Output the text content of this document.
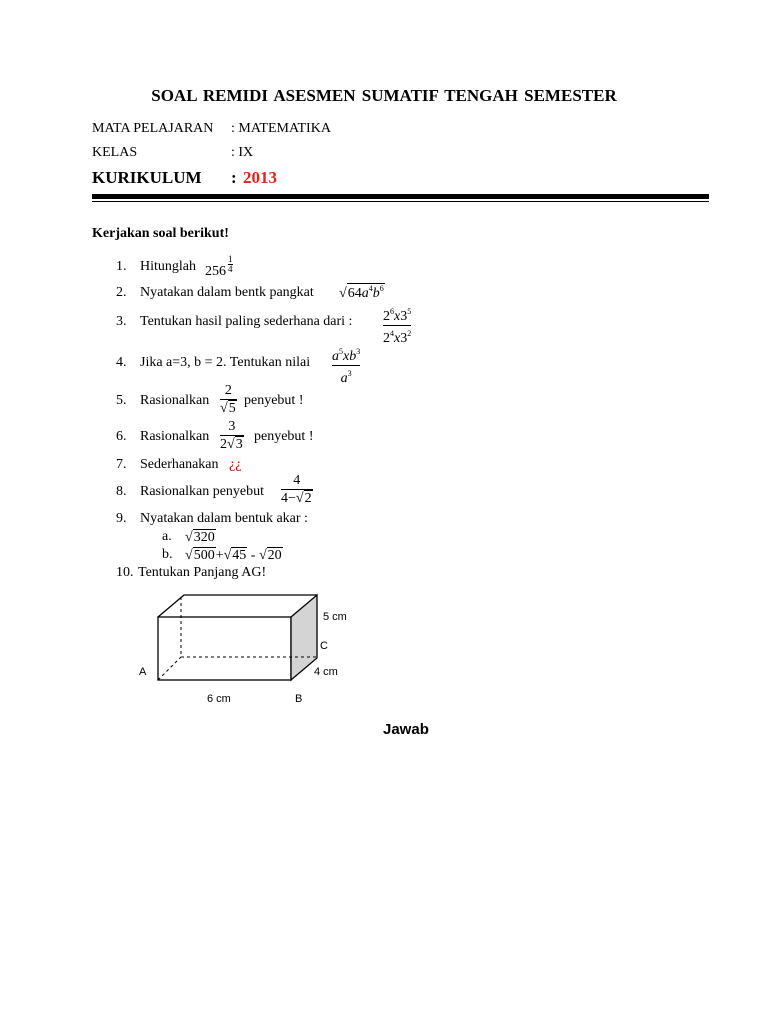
SOAL REMIDI ASESMEN SUMATIF TENGAH SEMESTER
MATA PELAJARAN : MATEMATIKA
KELAS	: IX
KURIKULUM : 2013
Kerjakan soal berikut!
1. Hitunglah 256
1
4
2. Nyatakan dalam bentk pangkat $√64a^4b^6$
3. Tentukan hasil paling sederhana dari : $2^6x3^5$
$2^4x3^2$
4. Jika a=3, b = 2. Tentukan nilai $a^5xb^3$
$a^3$
5. Rasionalkan
2
√5
penyebut !
6. Rasionalkan
3
2√3
penyebut !
7. Sederhanakan ¿¿
8. Rasionalkan penyebut
4
4−√2
9. Nyatakan dalam bentuk akar :
a. √320
b. √500+√45 - √20
10. Tentukan Panjang AG!
5 cm
C
A	4 cm
6 cm	B
Jawab
